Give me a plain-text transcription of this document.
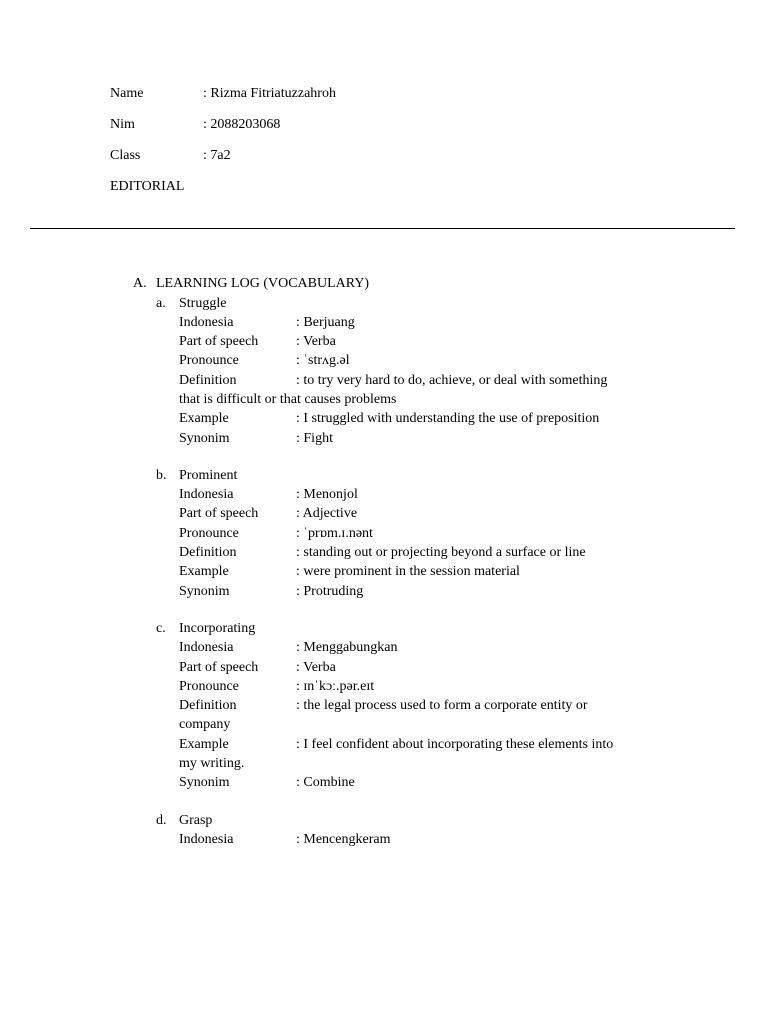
Name	: Rizma Fitriatuzzahroh
Nim	: 2088203068
Class	: 7a2
EDITORIAL
A. LEARNING LOG (VOCABULARY)
a. Struggle
Indonesia	: Berjuang
Part of speech	: Verba
Pronounce	: ˈstrʌg.əl
Definition	: to try very hard to do, achieve, or deal with something that is difficult or that causes problems
Example	: I struggled with understanding the use of preposition
Synonim	: Fight
b. Prominent
Indonesia	: Menonjol
Part of speech	: Adjective
Pronounce	: ˈprɒm.ɪ.nənt
Definition	: standing out or projecting beyond a surface or line
Example	: were prominent in the session material
Synonim	: Protruding
c. Incorporating
Indonesia	: Menggabungkan
Part of speech	: Verba
Pronounce	: ɪnˈkɔː.pər.eɪt
Definition	: the legal process used to form a corporate entity or company
Example	: I feel confident about incorporating these elements into my writing.
Synonim	: Combine
d. Grasp
Indonesia	: Mencengkeram
